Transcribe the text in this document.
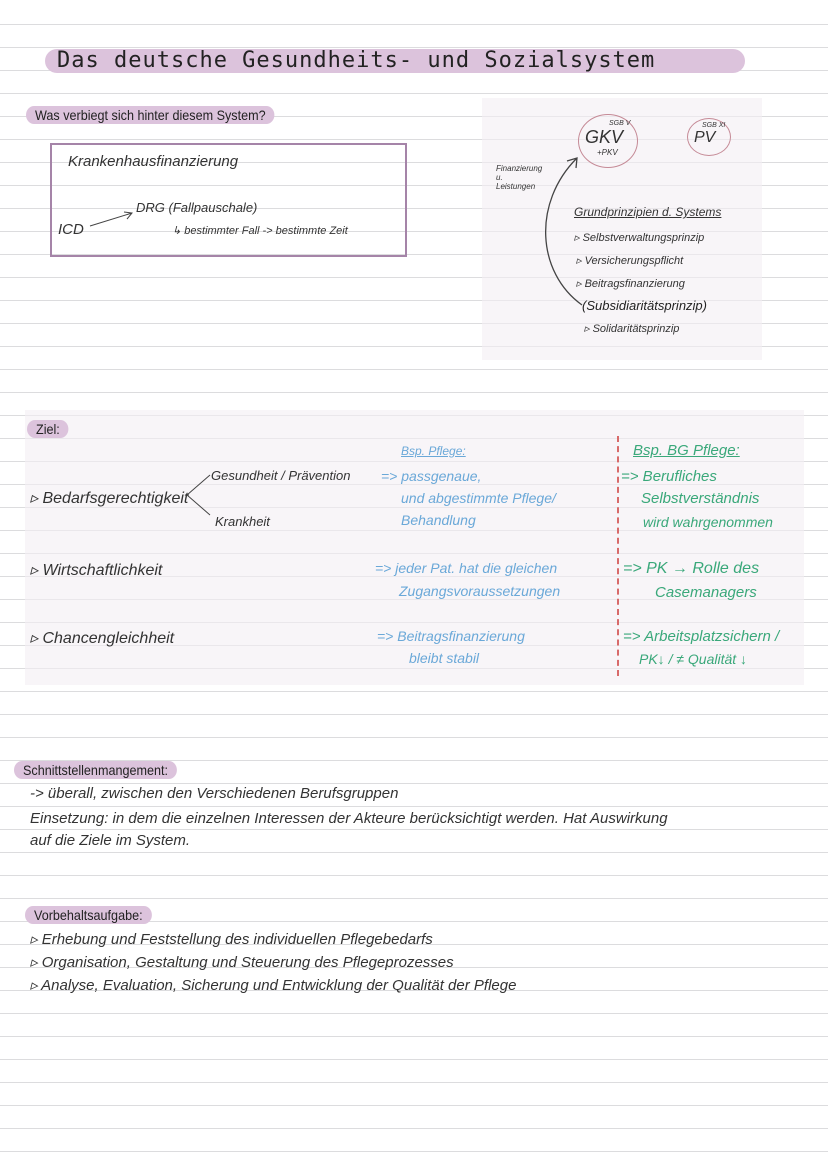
Das deutsche Gesundheits- und Sozialsystem
Was verbiegt sich hinter diesem System?
Krankenhausfinanzierung
ICD
DRG (Fallpauschale)
↳ bestimmter Fall -> bestimmte Zeit
SGB V
GKV
+PKV
SGB XI
PV
Finanzierung u. Leistungen
Grundprinzipien d. Systems
▹ Selbstverwaltungsprinzip
▹ Versicherungspflicht
▹ Beitragsfinanzierung
(Subsidiaritätsprinzip)
▹ Solidaritätsprinzip
Ziel:
▹ Bedarfsgerechtigkeit
▹ Wirtschaftlichkeit
▹ Chancengleichheit
Gesundheit / Prävention
Krankheit
Bsp. Pflege:
=> passgenaue,
und abgestimmte Pflege/
Behandlung
=> jeder Pat. hat die gleichen
Zugangsvoraussetzungen
=> Beitragsfinanzierung
bleibt stabil
Bsp. BG Pflege:
=> Berufliches
Selbstverständnis
wird wahrgenommen
=> PK → Rolle des
Casemanagers
=> Arbeitsplatzsichern /
PK↓ / ≠ Qualität ↓
Schnittstellenmangement:
-> überall, zwischen den Verschiedenen Berufsgruppen
Einsetzung: in dem die einzelnen Interessen der Akteure berücksichtigt werden. Hat Auswirkung
auf die Ziele im System.
Vorbehaltsaufgabe:
▹ Erhebung und Feststellung des individuellen Pflegebedarfs
▹ Organisation, Gestaltung und Steuerung des Pflegeprozesses
▹ Analyse, Evaluation, Sicherung und Entwicklung der Qualität der Pflege
